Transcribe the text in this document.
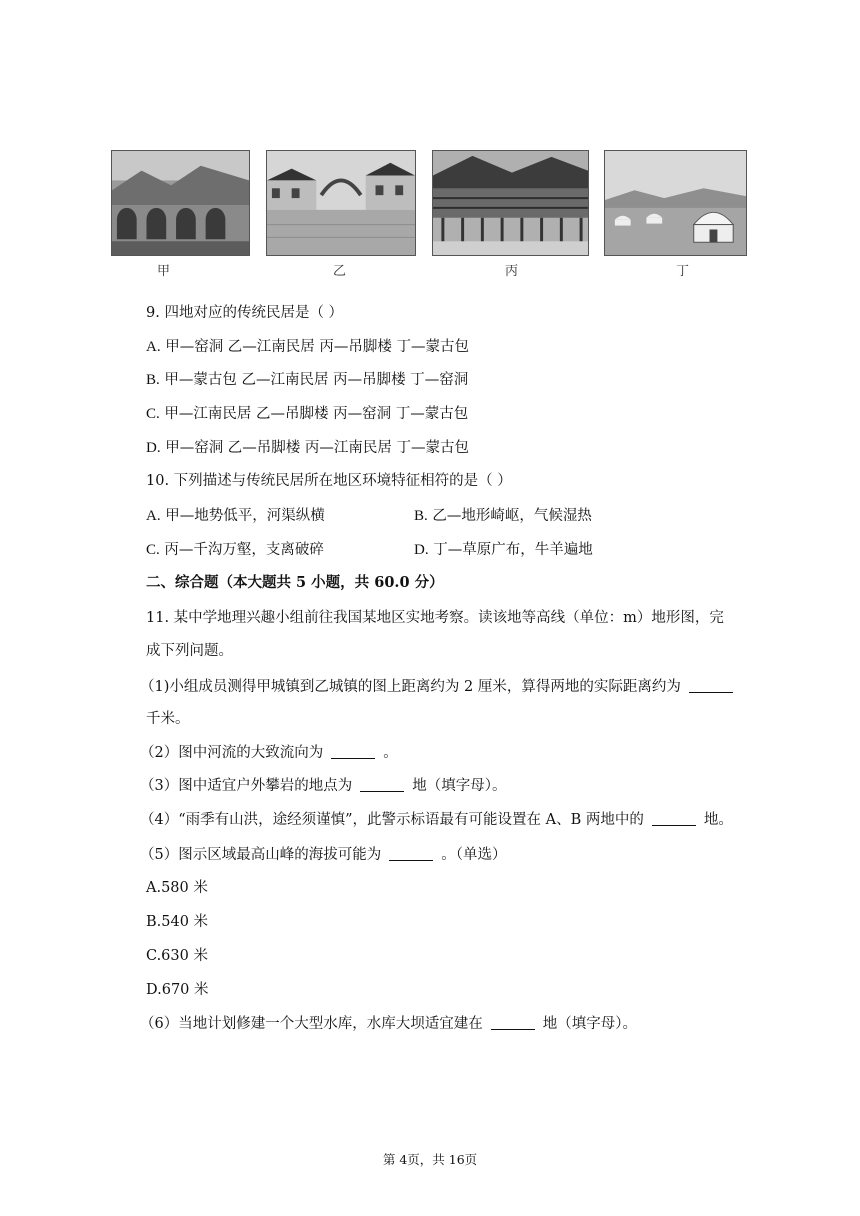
甲	乙	丙	丁
9. 四地对应的传统民居是（ ）
A. 甲—窑洞 乙—江南民居 丙—吊脚楼 丁—蒙古包
B. 甲—蒙古包 乙—江南民居 丙—吊脚楼 丁—窑洞
C. 甲—江南民居 乙—吊脚楼 丙—窑洞 丁—蒙古包
D. 甲—窑洞 乙—吊脚楼 丙—江南民居 丁—蒙古包
10. 下列描述与传统民居所在地区环境特征相符的是（ ）
A. 甲—地势低平，河渠纵横	B. 乙—地形崎岖，气候湿热
C. 丙—千沟万壑，支离破碎	D. 丁—草原广布，牛羊遍地
二、综合题（本大题共 5 小题，共 60.0 分）
11. 某中学地理兴趣小组前往我国某地区实地考察。读该地等高线（单位：m）地形图，完
成下列问题。
（1)小组成员测得甲城镇到乙城镇的图上距离约为 2 厘米，算得两地的实际距离约为
千米。
（2）图中河流的大致流向为	。
（3）图中适宜户外攀岩的地点为	地（填字母）。
（4）“雨季有山洪，途经须谨慎”，此警示标语最有可能设置在 A、B 两地中的	地。
（5）图示区域最高山峰的海拔可能为	。（单选）
A.580 米
B.540 米
C.630 米
D.670 米
（6）当地计划修建一个大型水库，水库大坝适宜建在	地（填字母）。
第 4页，共 16页
